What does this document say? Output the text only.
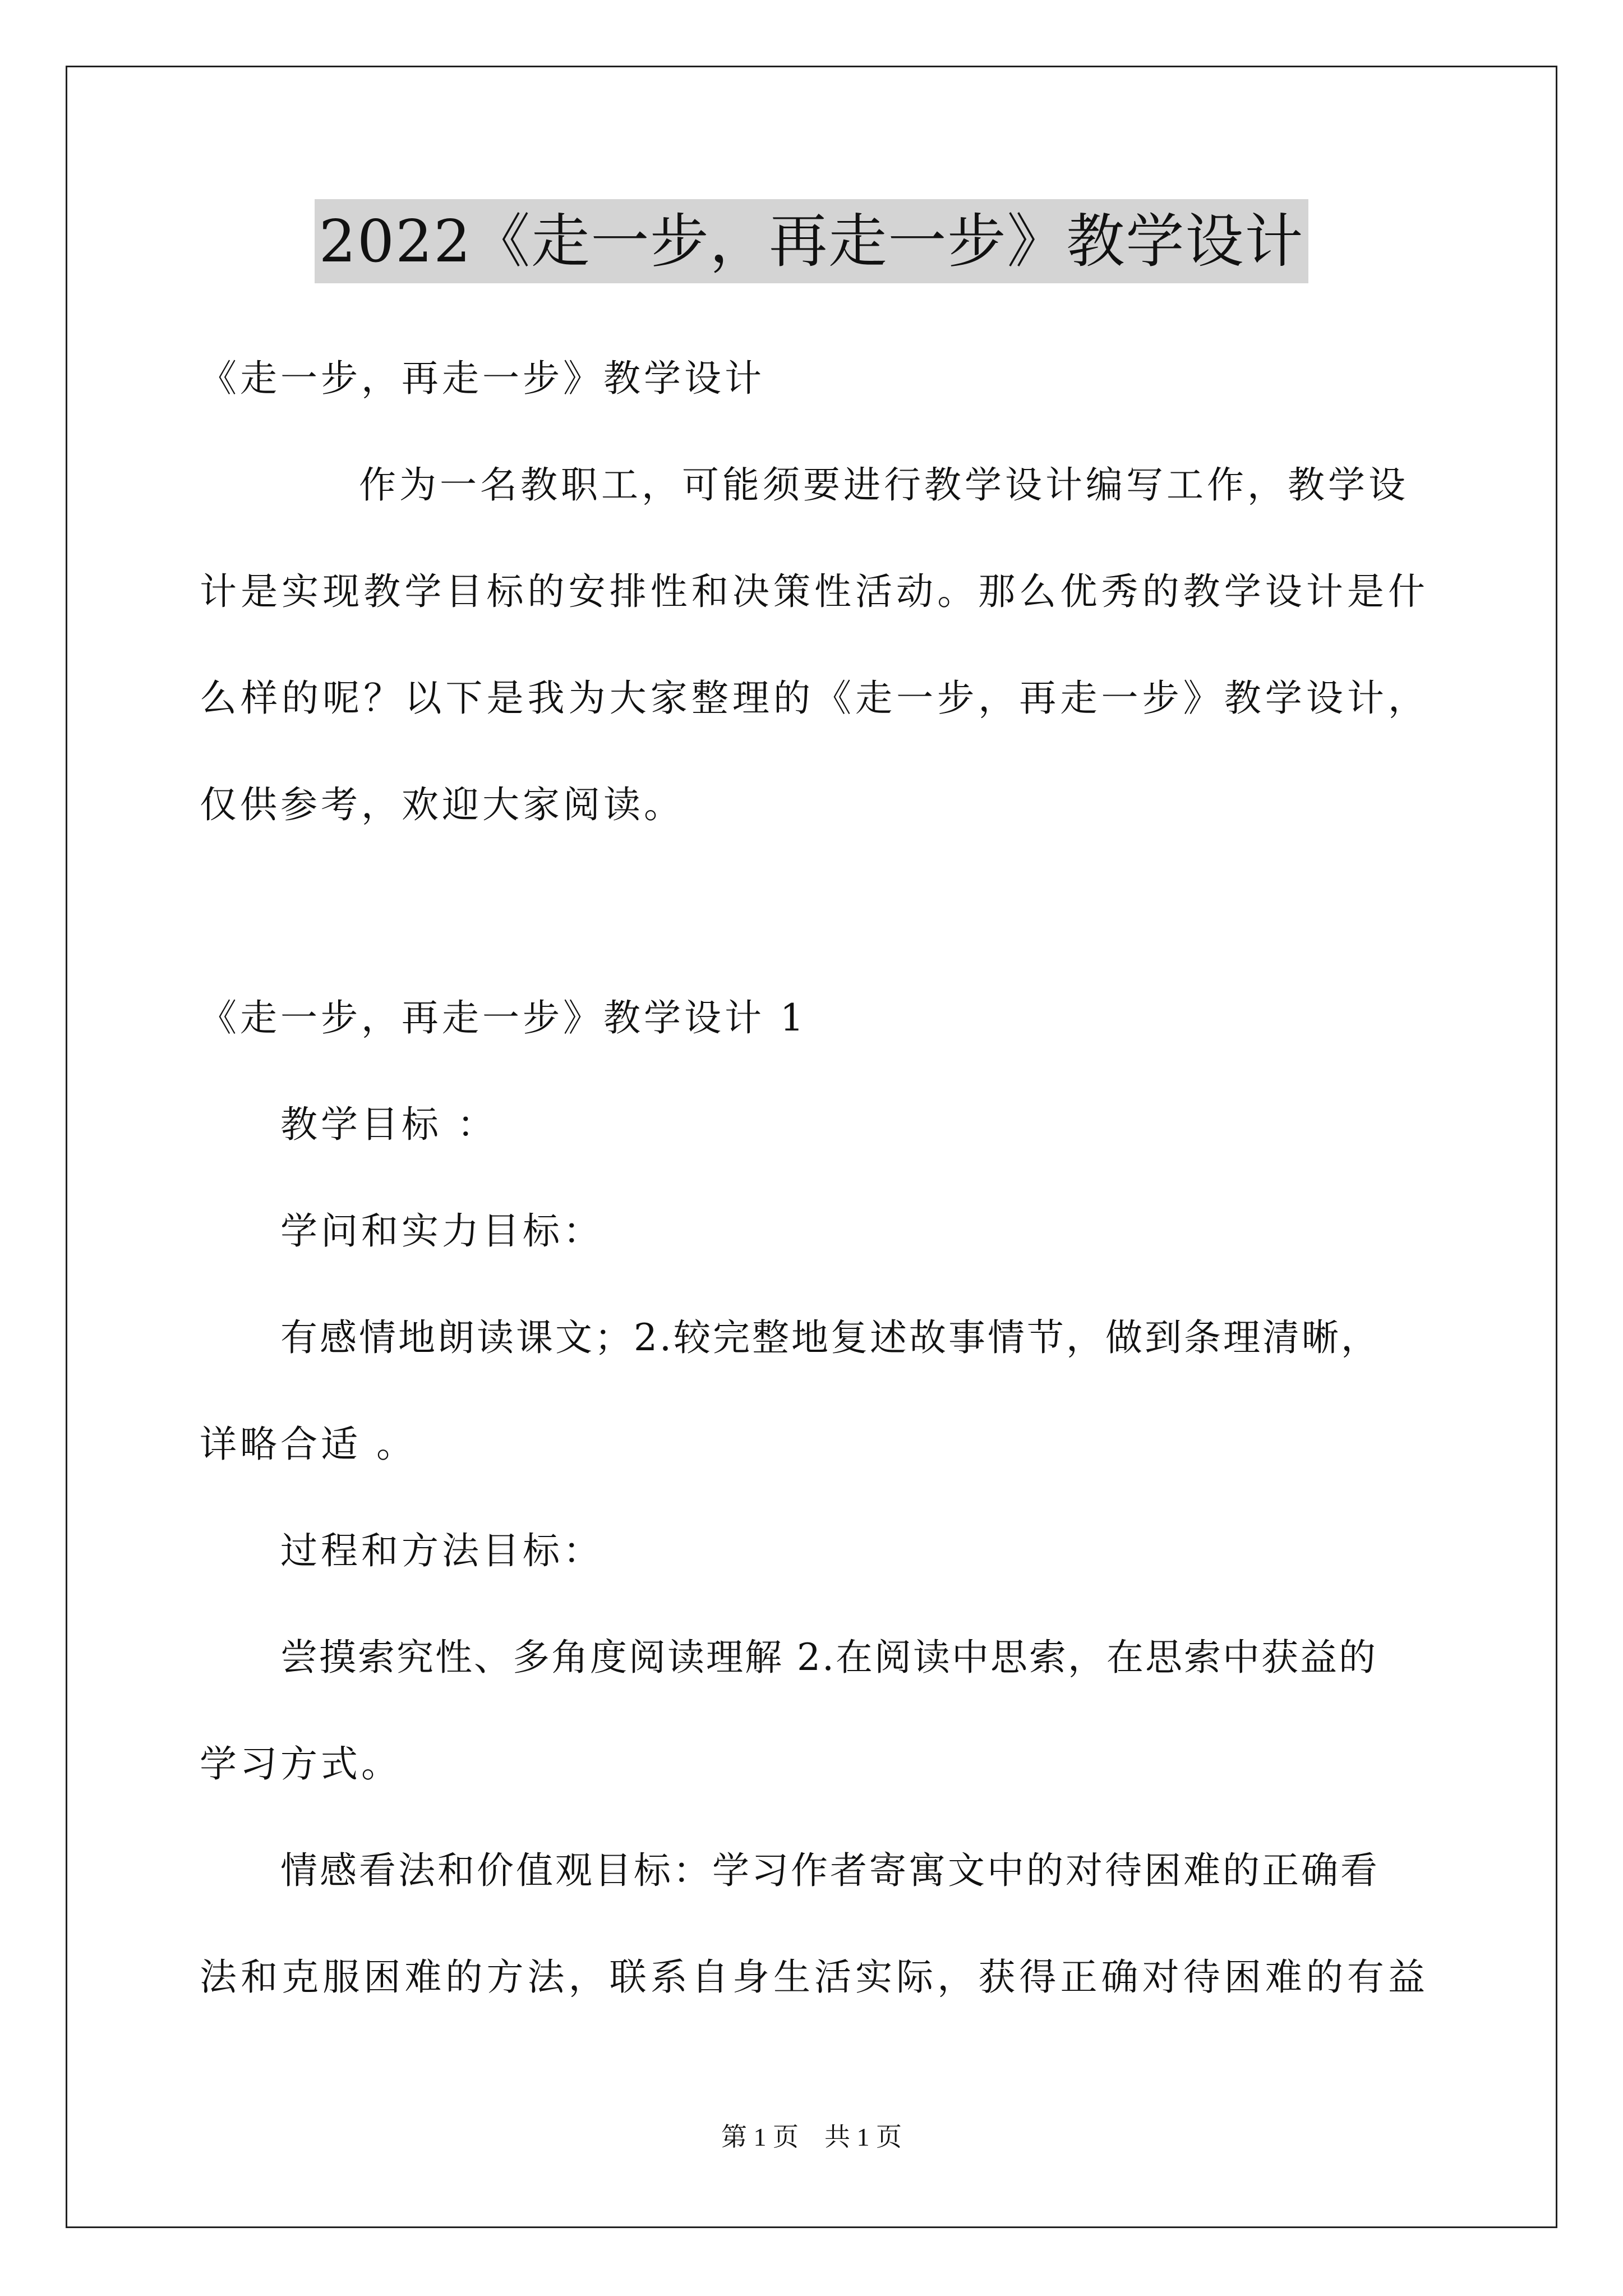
2022《走一步，再走一步》教学设计
《走一步，再走一步》教学设计
作为一名教职工，可能须要进行教学设计编写工作，教学设
计是实现教学目标的安排性和决策性活动。那么优秀的教学设计是什
么样的呢？以下是我为大家整理的《走一步，再走一步》教学设计，
仅供参考，欢迎大家阅读。
《走一步，再走一步》教学设计 1
教学目标 ：
学问和实力目标：
有感情地朗读课文；2.较完整地复述故事情节，做到条理清晰，
详略合适 。
过程和方法目标：
尝摸索究性、多角度阅读理解 2.在阅读中思索，在思索中获益的
学习方式。
情感看法和价值观目标：学习作者寄寓文中的对待困难的正确看
法和克服困难的方法，联系自身生活实际，获得正确对待困难的有益
第 1 页　共 1 页
